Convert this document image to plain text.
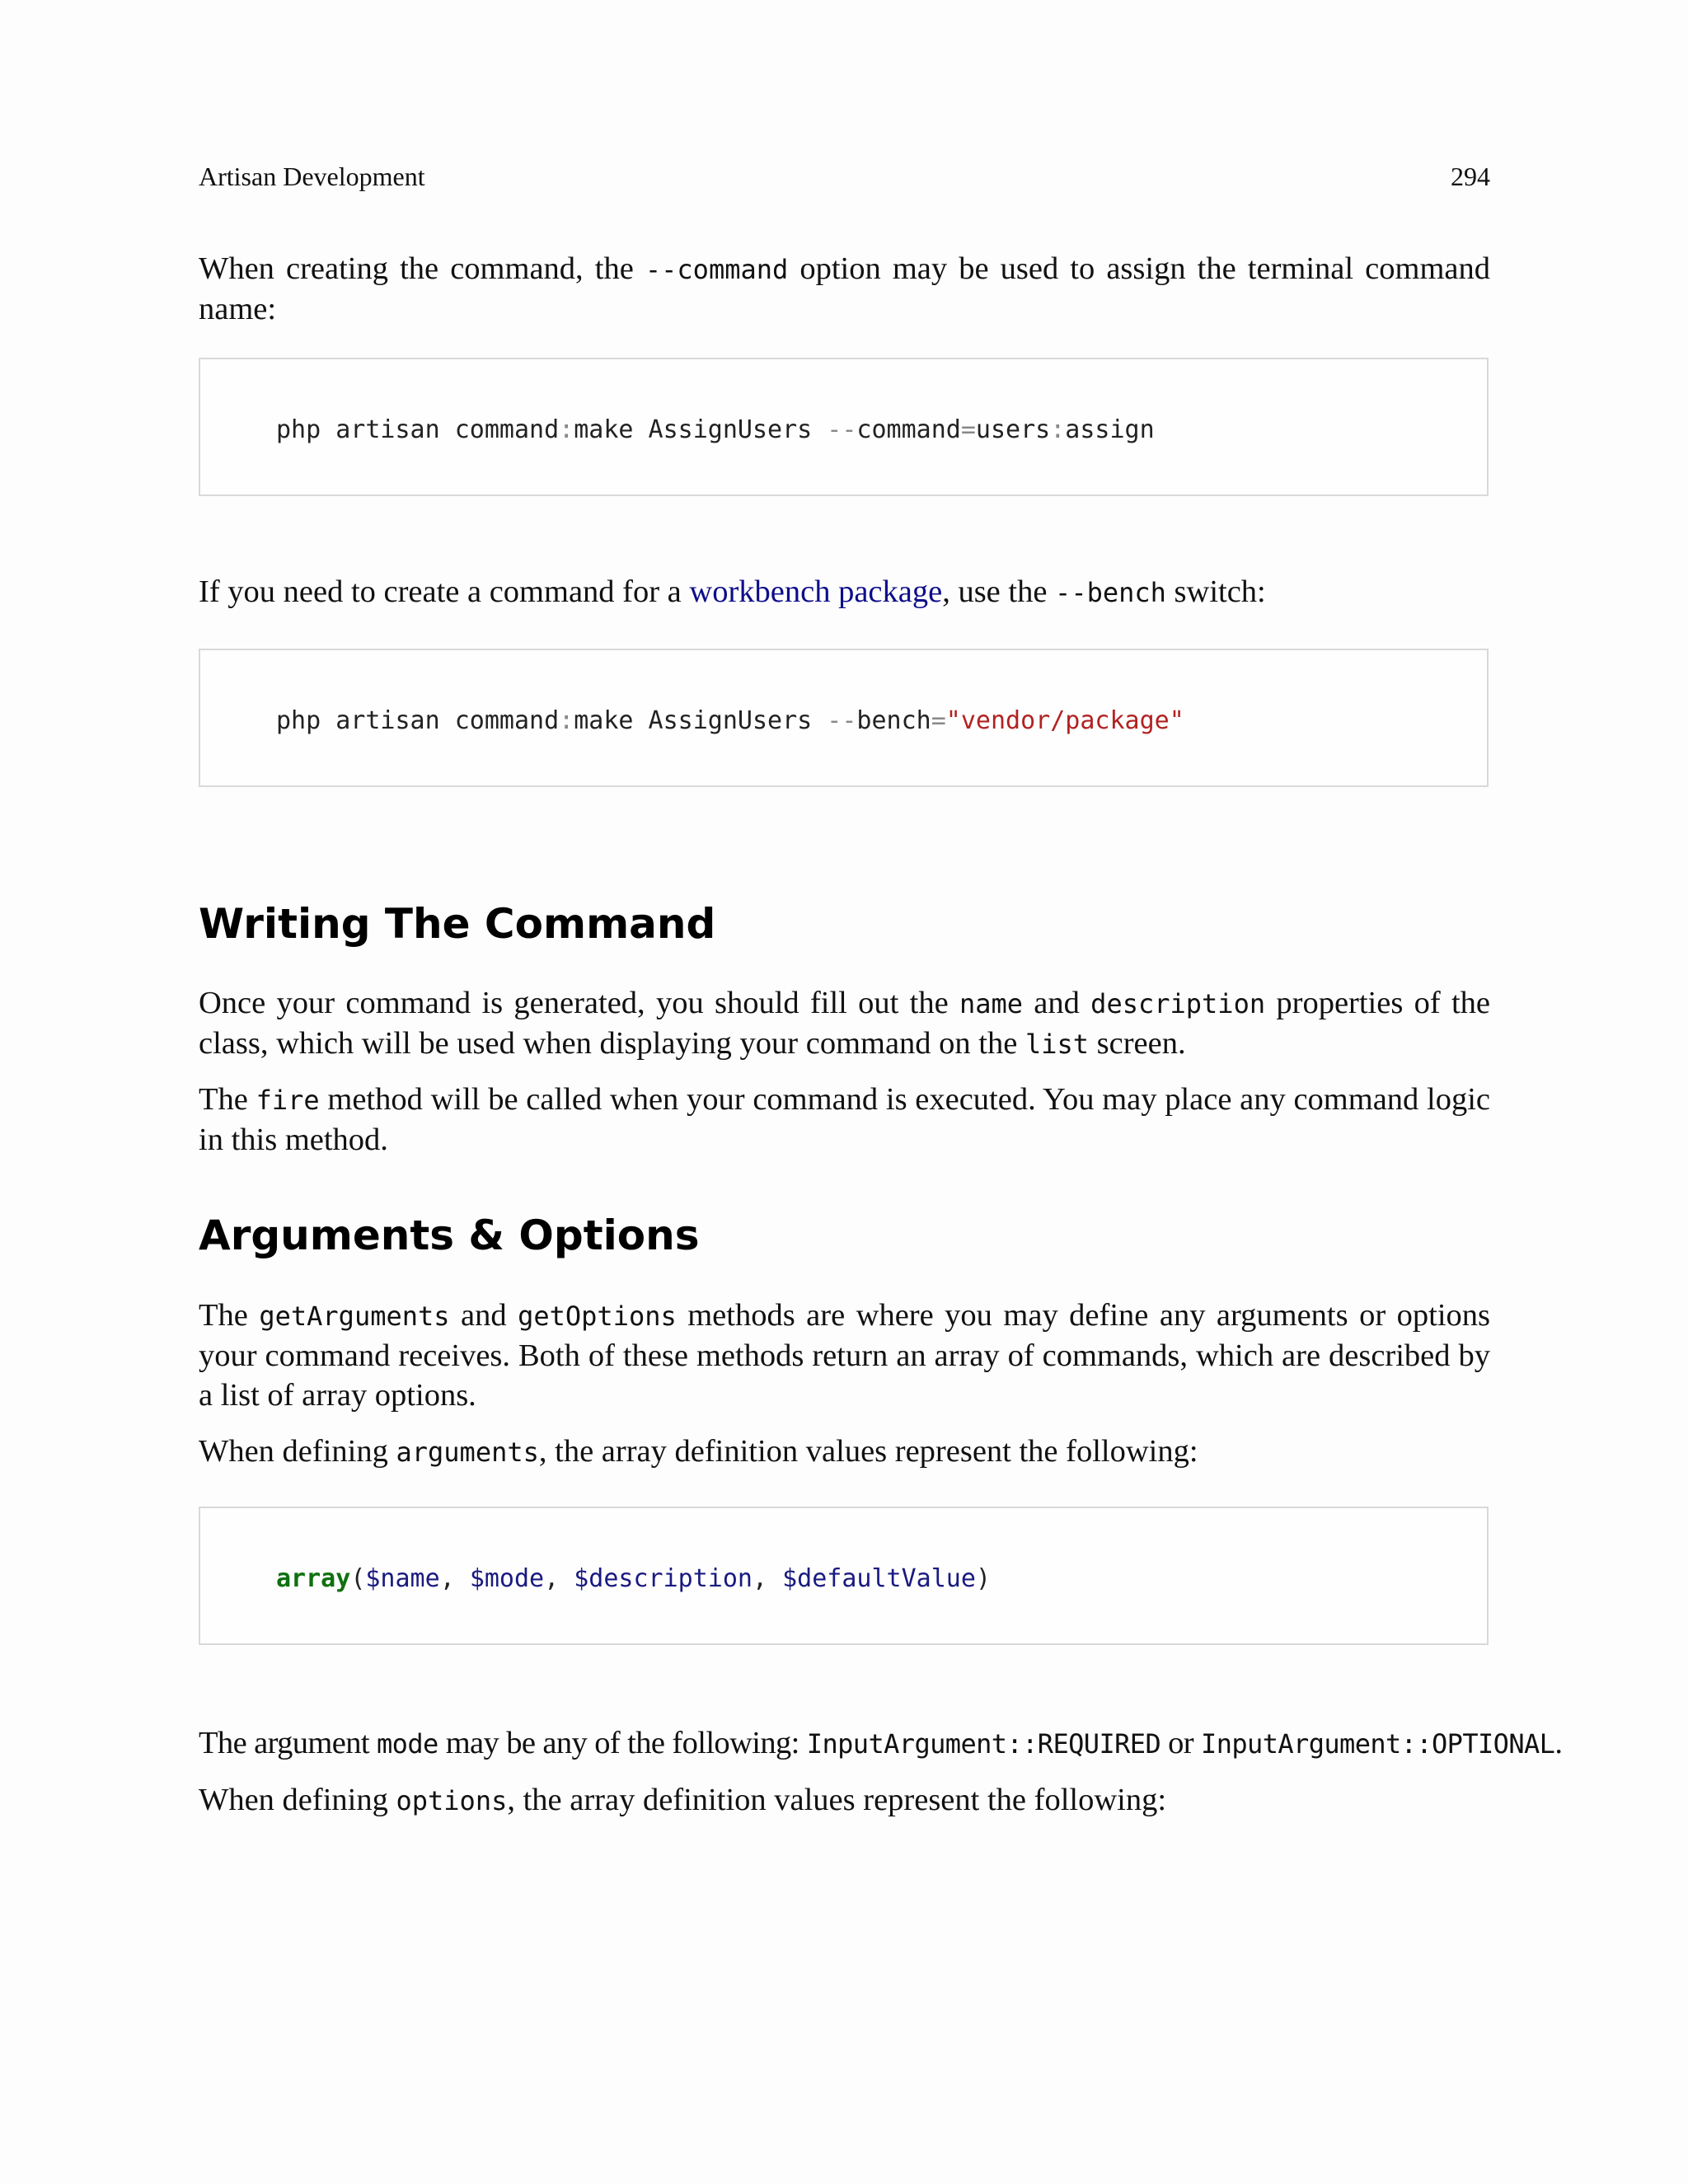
Artisan Development	294

When creating the command, the --command option may be used to assign the terminal command name:

php artisan command:make AssignUsers --command=users:assign

If you need to create a command for a workbench package, use the --bench switch:

php artisan command:make AssignUsers --bench="vendor/package"
Writing The Command

Once your command is generated, you should fill out the name and description properties of the class, which will be used when displaying your command on the list screen.

The fire method will be called when your command is executed. You may place any command logic in this method.

Arguments & Options

The getArguments and getOptions methods are where you may define any arguments or options your command receives. Both of these methods return an array of commands, which are described by a list of array options.

When defining arguments, the array definition values represent the following:

array($name, $mode, $description, $defaultValue)

The argument mode may be any of the following: InputArgument::REQUIRED or InputArgument::OPTIONAL.

When defining options, the array definition values represent the following:
